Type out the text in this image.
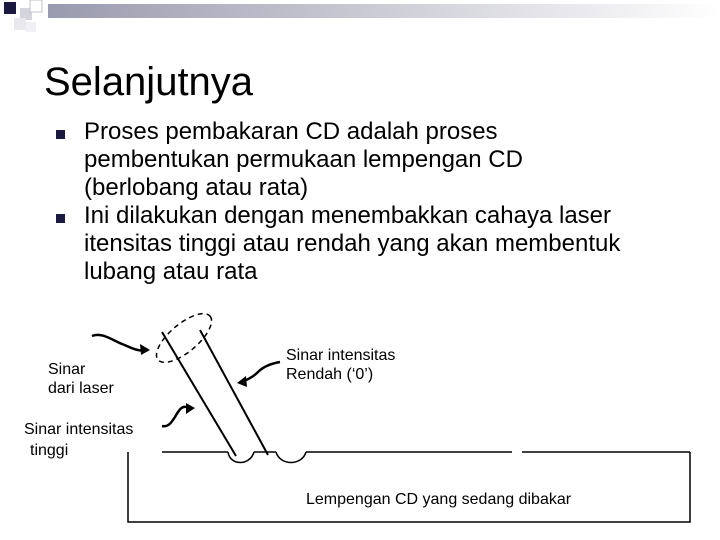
Selanjutnya
Proses pembakaran CD adalah proses pembentukan permukaan lempengan CD (berlobang atau rata)
Ini dilakukan dengan menembakkan cahaya laser itensitas tinggi atau rendah yang akan membentuk lubang atau rata
Sinar
dari laser
Sinar intensitas
Rendah (‘0’)
Sinar intensitas
tinggi
Lempengan CD yang sedang dibakar
